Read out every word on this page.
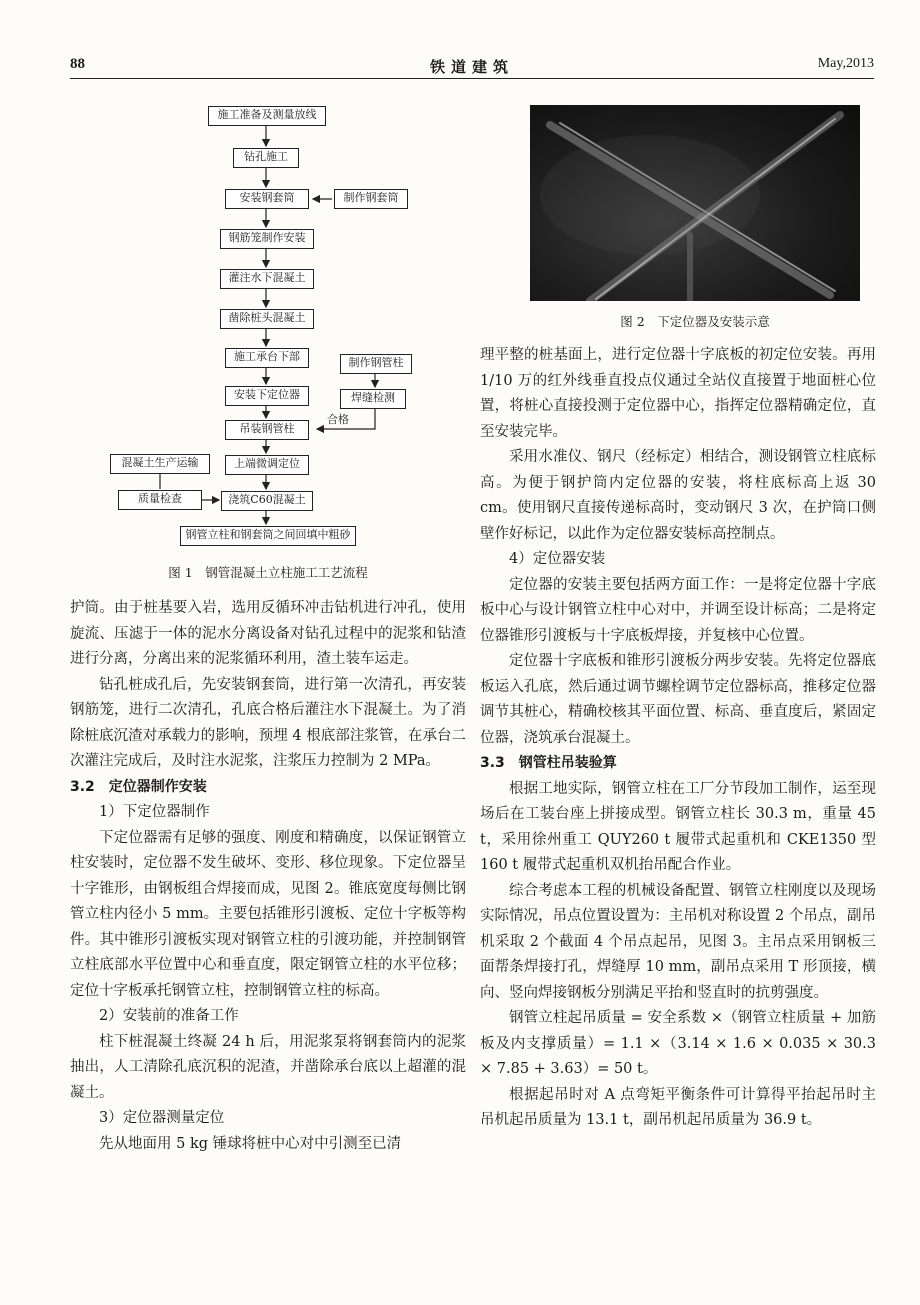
88	铁道建筑	May,2013
施工准备及测量放线
钻孔施工
安装钢套筒	制作钢套筒
钢筋笼制作安装
灌注水下混凝土
凿除桩头混凝土
施工承台下部	制作钢管柱
安装下定位器	焊缝检测
吊装钢管柱
合格
混凝土生产运输	上端微调定位
质量检查	浇筑C60混凝土
钢管立柱和钢套筒之间回填中粗砂
图 1　钢管混凝土立柱施工工艺流程
图 2　下定位器及安装示意

护筒。由于桩基要入岩，选用反循环冲击钻机进行冲孔，使用旋流、压滤于一体的泥水分离设备对钻孔过程中的泥浆和钻渣进行分离，分离出来的泥浆循环利用，渣土装车运走。

钻孔桩成孔后，先安装钢套筒，进行第一次清孔，再安装钢筋笼，进行二次清孔，孔底合格后灌注水下混凝土。为了消除桩底沉渣对承载力的影响，预埋 4 根底部注浆管，在承台二次灌注完成后，及时注水泥浆，注浆压力控制为 2 MPa。

3.2　定位器制作安装

1）下定位器制作

下定位器需有足够的强度、刚度和精确度，以保证钢管立柱安装时，定位器不发生破坏、变形、移位现象。下定位器呈十字锥形，由钢板组合焊接而成，见图 2。锥底宽度每侧比钢管立柱内径小 5 mm。主要包括锥形引渡板、定位十字板等构件。其中锥形引渡板实现对钢管立柱的引渡功能，并控制钢管立柱底部水平位置中心和垂直度，限定钢管立柱的水平位移；定位十字板承托钢管立柱，控制钢管立柱的标高。

2）安装前的准备工作

柱下桩混凝土终凝 24 h 后，用泥浆泵将钢套筒内的泥浆抽出，人工清除孔底沉积的泥渣，并凿除承台底以上超灌的混凝土。

3）定位器测量定位

先从地面用 5 kg 锤球将桩中心对中引测至已清

理平整的桩基面上，进行定位器十字底板的初定位安装。再用 1/10 万的红外线垂直投点仪通过全站仪直接置于地面桩心位置，将桩心直接投测于定位器中心，指挥定位器精确定位，直至安装完毕。

采用水准仪、钢尺（经标定）相结合，测设钢管立柱底标高。为便于钢护筒内定位器的安装，将柱底标高上返 30 cm。使用钢尺直接传递标高时，变动钢尺 3 次，在护筒口侧壁作好标记，以此作为定位器安装标高控制点。

4）定位器安装

定位器的安装主要包括两方面工作：一是将定位器十字底板中心与设计钢管立柱中心对中，并调至设计标高；二是将定位器锥形引渡板与十字底板焊接，并复核中心位置。

定位器十字底板和锥形引渡板分两步安装。先将定位器底板运入孔底，然后通过调节螺栓调节定位器标高，推移定位器调节其桩心，精确校核其平面位置、标高、垂直度后，紧固定位器，浇筑承台混凝土。

3.3　钢管柱吊装验算

根据工地实际，钢管立柱在工厂分节段加工制作，运至现场后在工装台座上拼接成型。钢管立柱长 30.3 m，重量 45 t，采用徐州重工 QUY260 t 履带式起重机和 CKE1350 型 160 t 履带式起重机双机抬吊配合作业。

综合考虑本工程的机械设备配置、钢管立柱刚度以及现场实际情况，吊点位置设置为：主吊机对称设置 2 个吊点，副吊机采取 2 个截面 4 个吊点起吊，见图 3。主吊点采用钢板三面帮条焊接打孔，焊缝厚 10 mm，副吊点采用 T 形顶接，横向、竖向焊接钢板分别满足平抬和竖直时的抗剪强度。

钢管立柱起吊质量 = 安全系数 ×（钢管立柱质量 + 加筋板及内支撑质量）= 1.1 ×（3.14 × 1.6 × 0.035 × 30.3 × 7.85 + 3.63）= 50 t。

根据起吊时对 A 点弯矩平衡条件可计算得平抬起吊时主吊机起吊质量为 13.1 t，副吊机起吊质量为 36.9 t。
